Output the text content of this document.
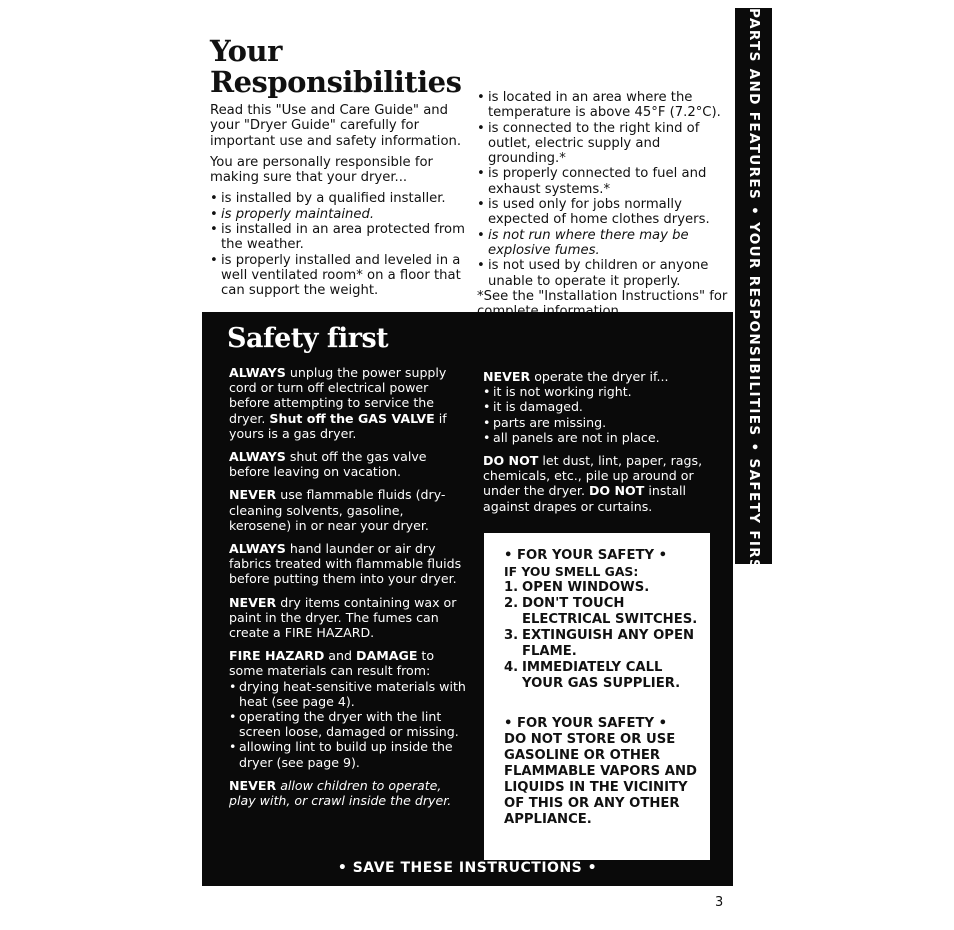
Your
Responsibilities

Read this "Use and Care Guide" and your "Dryer Guide" carefully for important use and safety information.

You are personally responsible for making sure that your dryer...

• is installed by a qualified installer.
• is properly maintained.
• is installed in an area protected from the weather.
• is properly installed and leveled in a well ventilated room* on a floor that can support the weight.
• is located in an area where the temperature is above 45°F (7.2°C).
• is connected to the right kind of outlet, electric supply and grounding.*
• is properly connected to fuel and exhaust systems.*
• is used only for jobs normally expected of home clothes dryers.
• is not run where there may be explosive fumes.
• is not used by children or anyone unable to operate it properly.
*See the "Installation Instructions" for	PARTS AND FEATURES • YOUR RESPONSIBILITIES • SAFETY FIRST
Safety first

ALWAYS unplug the power supply cord or turn off electrical power before attempting to service the dryer. Shut off the GAS VALVE if yours is a gas dryer.

ALWAYS shut off the gas valve before leaving on vacation.

NEVER use flammable fluids (dry-cleaning solvents, gasoline, kerosene) in or near your dryer.

ALWAYS hand launder or air dry fabrics treated with flammable fluids before putting them into your dryer.

NEVER dry items containing wax or paint in the dryer. The fumes can create a FIRE HAZARD.

FIRE HAZARD and DAMAGE to some materials can result from:

• drying heat-sensitive materials with heat (see page 4).
• operating the dryer with the lint screen loose, damaged or missing.
• allowing lint to build up inside the dryer (see page 9).

NEVER allow children to operate, play with, or crawl inside the dryer.

NEVER operate the dryer if...

• it is not working right.
• it is damaged.
• parts are missing.
• all panels are not in place.

DO NOT let dust, lint, paper, rags, chemicals, etc., pile up around or under the dryer. DO NOT install against drapes or curtains.

• FOR YOUR SAFETY •
IF YOU SMELL GAS:
1. OPEN WINDOWS.
2. DON'T TOUCH ELECTRICAL SWITCHES.
3. EXTINGUISH ANY OPEN FLAME.
4. IMMEDIATELY CALL YOUR GAS SUPPLIER.
• FOR YOUR SAFETY •
DO NOT STORE OR USE GASOLINE OR OTHER FLAMMABLE VAPORS AND LIQUIDS IN THE VICINITY OF THIS OR ANY OTHER APPLIANCE.
• SAVE THESE INSTRUCTIONS •
3
